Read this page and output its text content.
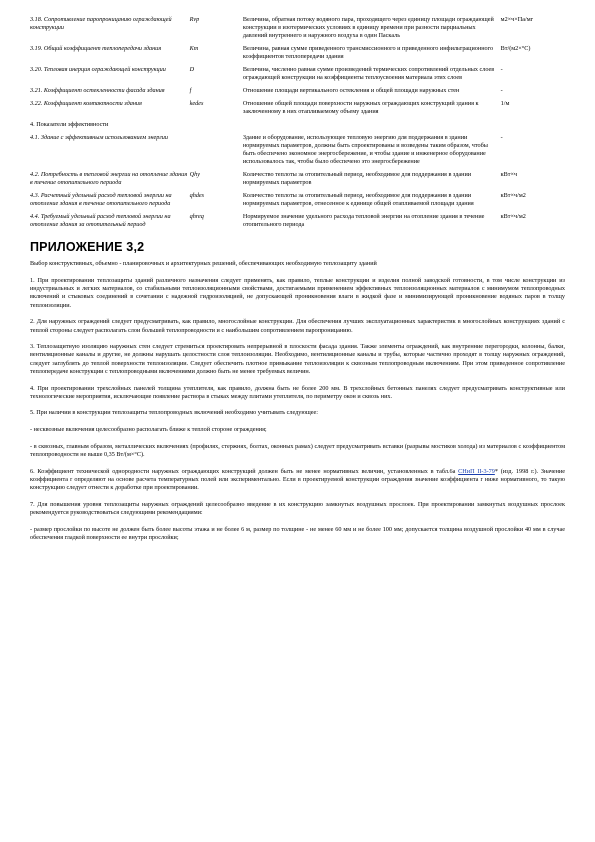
3.18. Сопротивление паропроницанию ограждающей конструкции	Rvp	Величина, обратная потоку водяного пара, проходящего через единицу площади ограждающей конструкции в изотермических условиях в единицу времени при разности парциальных давлений внутреннего и наружного воздуха в один Паскаль	м2×ч×Па/мг
3.19. Общий коэффициент теплопередачи здания	Km	Величина, равная сумме приведенного трансмиссионного и приведенного инфильтрационного коэффициентов теплопередачи здания	Вт/(м2×°С)
3.20. Тепловая инерция ограждающей конструкции	D	Величина, численно равная сумме произведений термических сопротивлений отдельных слоев ограждающей конструкции на коэффициенты теплоусвоения материала этих слоев	-
3.21. Коэффициент остекленности фасада здания	f	Отношение площади вертикального остекления и общей площади наружных стен	-
3.22. Коэффициент компактности здания	kedes	Отношение общей площади поверхности наружных ограждающих конструкций здания к заключенному в них отапливаемому объему здания	1/м
4. Показатели эффективности			
4.1. Здание с эффективным использованием энергии		Здание и оборудование, использующее тепловую энергию для поддержания в здании нормируемых параметров, должны быть спроектированы и возведены таким образом, чтобы быть обеспечено экономное энергосбережение, и чтобы здание и инженерное оборудование использовалось так, чтобы было обеспечено это энергосбережение	-
4.2. Потребность в тепловой энергии на отопление здания в течение отопительного периода	Qhy	Количество теплоты за отопительный период, необходимое для поддержания в здании нормируемых параметров	кВт×ч
4.3. Расчетный удельный расход тепловой энергии на отопление здания в течение отопительного периода	qhdes	Количество теплоты за отопительный период, необходимое для поддержания в здании нормируемых параметров, отнесенное к единице общей отапливаемой площади здания	кВт×ч/м2
4.4. Требуемый удельный расход тепловой энергии на отопление здания за отопительный период	qhreq	Нормируемое значение удельного расхода тепловой энергии на отопление здания в течение отопительного периода	кВт×ч/м2
ПРИЛОЖЕНИЕ 3,2
Выбор конструктивных, объемно - планировочных и архитектурных решений, обеспечивающих необходимую теплозащиту зданий
1. При проектировании теплозащиты зданий различного назначения следует применять, как правило, теплые конструкции и изделия полной заводской готовности, в том числе конструкции из индустриальных и легких материалов, со стабильными теплоизоляционными свойствами, достигаемыми применением эффективных теплоизоляционных материалов с минимумом теплопроводных включений и стыковых соединений в сочетании с надежной гидроизоляцией, не допускающей проникновения влаги в жидкой фазе и минимизирующей проникновение водяных паров в толщу теплоизоляции.
2. Для наружных ограждений следует предусматривать, как правило, многослойные конструкции. Для обеспечения лучших эксплуатационных характеристик в многослойных конструкциях зданий с теплой стороны следует располагать слои большей теплопроводности и с наибольшим сопротивлением паропроницанию.
3. Теплозащитную изоляцию наружных стен следует стремиться проектировать непрерывной в плоскости фасада здания. Также элементы ограждений, как внутренние перегородки, колонны, балки, вентиляционные каналы и другие, не должны нарушать целостности слоя теплоизоляции. Необходимо, вентиляционные каналы и трубы, которые частично проходят в толщу наружных ограждений, следует заглублять до теплой поверхности теплоизоляции. Следует обеспечить плотное примыкание теплоизоляции к сквозным теплопроводным включениям. При этом приведенное сопротивление теплопередаче конструкции с теплопроводными включениями должно быть не менее требуемых величин.
4. При проектировании трехслойных панелей толщина утеплителя, как правило, должна быть не более 200 мм. В трехслойных бетонных панелях следует предусматривать конструктивные или технологические мероприятия, исключающие появление раствора в стыках между плитами утеплителя, по периметру окон и сквозь них.
5. При наличии в конструкции теплозащиты теплопроводных включений необходимо учитывать следующее:
- несквозные включения целесообразно располагать ближе к теплой стороне ограждения;
- в сквозных, главным образом, металлических включениях (профилях, стержнях, болтах, оконных рамах) следует предусматривать вставки (разрывы мостиков холода) из материалов с коэффициентом теплопроводности не выше 0,35 Вт/(м×°С).
6. Коэффициент технической однородности наружных ограждающих конструкций должен быть не менее нормативных величин, установленных в табл.6а СНиП II-3-79* (изд. 1998 г.). Значение коэффициента r определяют на основе расчета температурных полей или экспериментально. Если в проектируемой конструкции ограждения значение коэффициента r ниже нормативного, то такую конструкцию следует отнести к доработке при проектировании.
7. Для повышения уровня теплозащиты наружных ограждений целесообразно введение в их конструкцию замкнутых воздушных прослоек. При проектировании замкнутых воздушных прослоек рекомендуется руководствоваться следующими рекомендациями:
- размер прослойки по высоте не должен быть более высоты этажа и не более 6 м, размер по толщине - не менее 60 мм и не более 100 мм; допускается толщина воздушной прослойки 40 мм в случае обеспечения гладкой поверхности ее внутри прослойки;
